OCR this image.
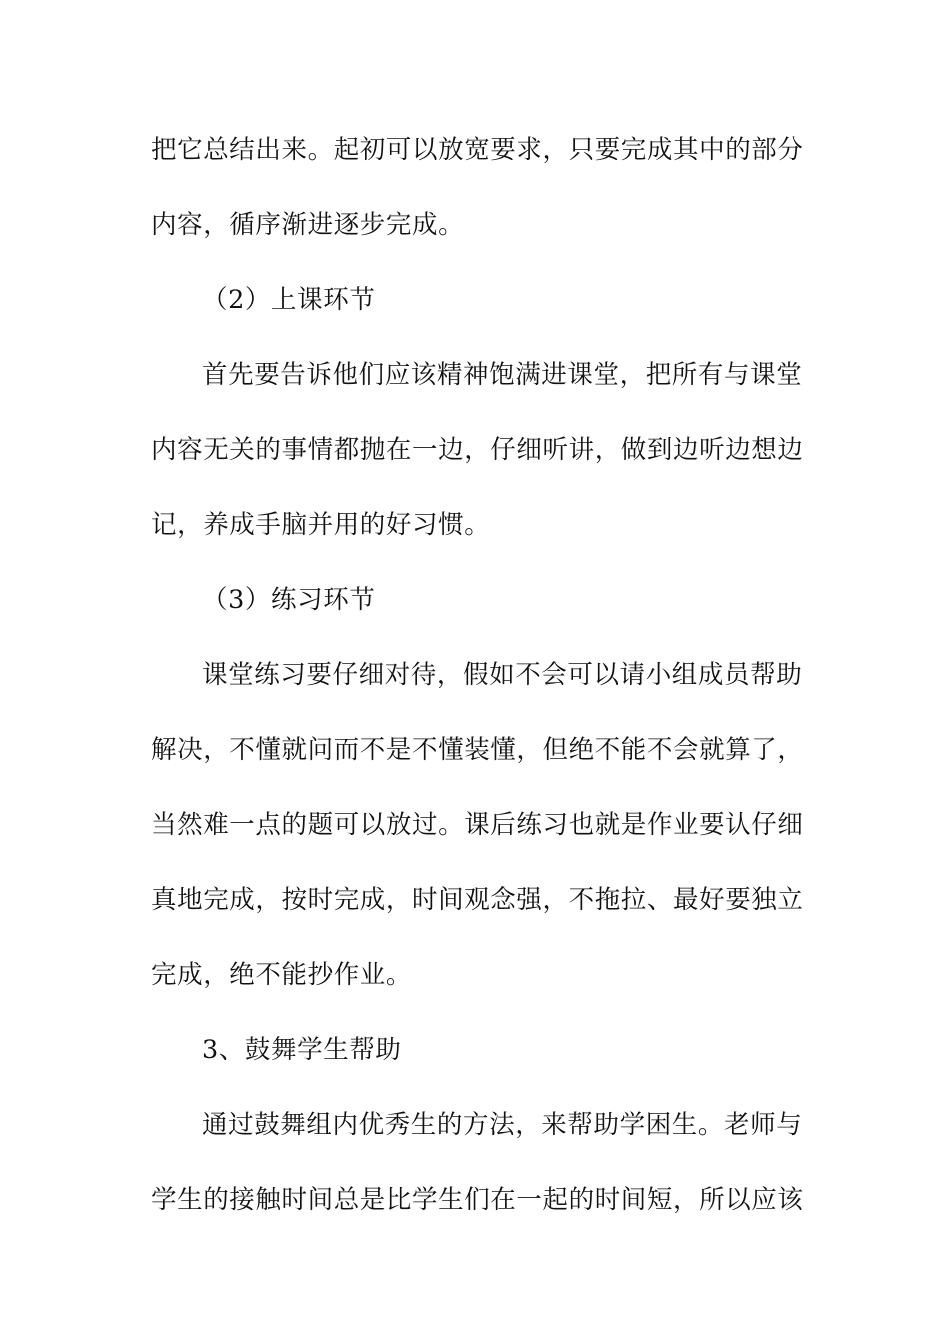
把它总结出来。起初可以放宽要求，只要完成其中的部分
内容，循序渐进逐步完成。
（2）上课环节
首先要告诉他们应该精神饱满进课堂，把所有与课堂
内容无关的事情都抛在一边，仔细听讲，做到边听边想边
记，养成手脑并用的好习惯。
（3）练习环节
课堂练习要仔细对待，假如不会可以请小组成员帮助
解决，不懂就问而不是不懂装懂，但绝不能不会就算了，
当然难一点的题可以放过。课后练习也就是作业要认仔细
真地完成，按时完成，时间观念强，不拖拉、最好要独立
完成，绝不能抄作业。
3、鼓舞学生帮助
通过鼓舞组内优秀生的方法，来帮助学困生。老师与
学生的接触时间总是比学生们在一起的时间短，所以应该
